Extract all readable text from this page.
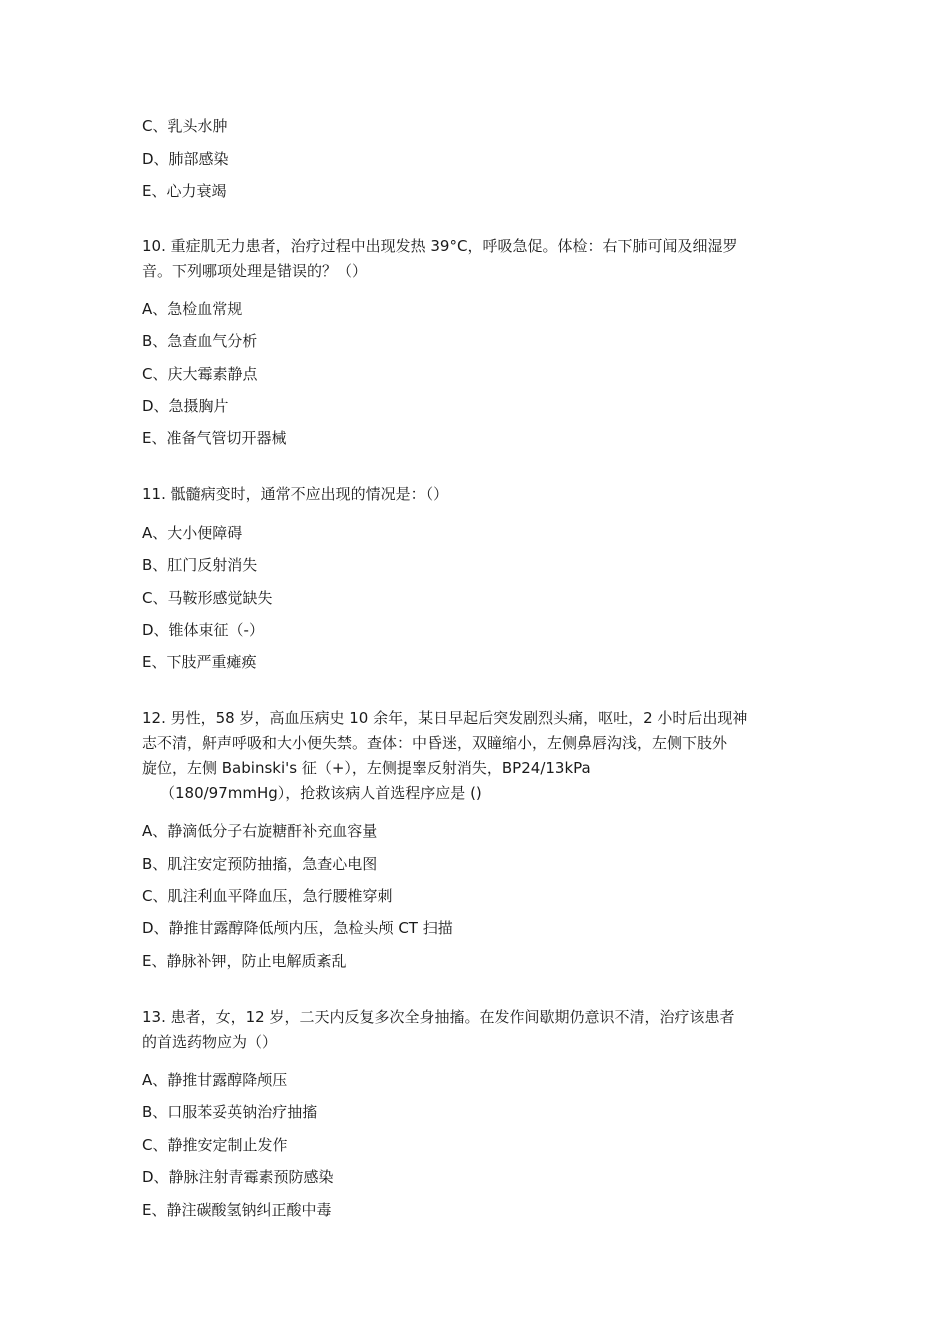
C、乳头水肿
D、肺部感染
E、心力衰竭
10. 重症肌无力患者，治疗过程中出现发热 39°C，呼吸急促。体检：右下肺可闻及细湿罗
音。下列哪项处理是错误的？（）
A、急检血常规
B、急查血气分析
C、庆大霉素静点
D、急摄胸片
E、准备气管切开器械
11. 骶髓病变时，通常不应出现的情况是：（）
A、大小便障碍
B、肛门反射消失
C、马鞍形感觉缺失
D、锥体束征（-）
E、下肢严重瘫痪
12. 男性，58 岁，高血压病史 10 余年，某日早起后突发剧烈头痛，呕吐，2 小时后出现神
志不清，鼾声呼吸和大小便失禁。查体：中昏迷，双瞳缩小，左侧鼻唇沟浅，左侧下肢外
旋位，左侧 Babinski's 征（+），左侧提睾反射消失，BP24/13kPa
（180/97mmHg），抢救该病人首选程序应是 ()
A、静滴低分子右旋糖酐补充血容量
B、肌注安定预防抽搐，急查心电图
C、肌注利血平降血压，急行腰椎穿刺
D、静推甘露醇降低颅内压，急检头颅 CT 扫描
E、静脉补钾，防止电解质紊乱
13. 患者，女，12 岁，二天内反复多次全身抽搐。在发作间歇期仍意识不清，治疗该患者
的首选药物应为（）
A、静推甘露醇降颅压
B、口服苯妥英钠治疗抽搐
C、静推安定制止发作
D、静脉注射青霉素预防感染
E、静注碳酸氢钠纠正酸中毒
